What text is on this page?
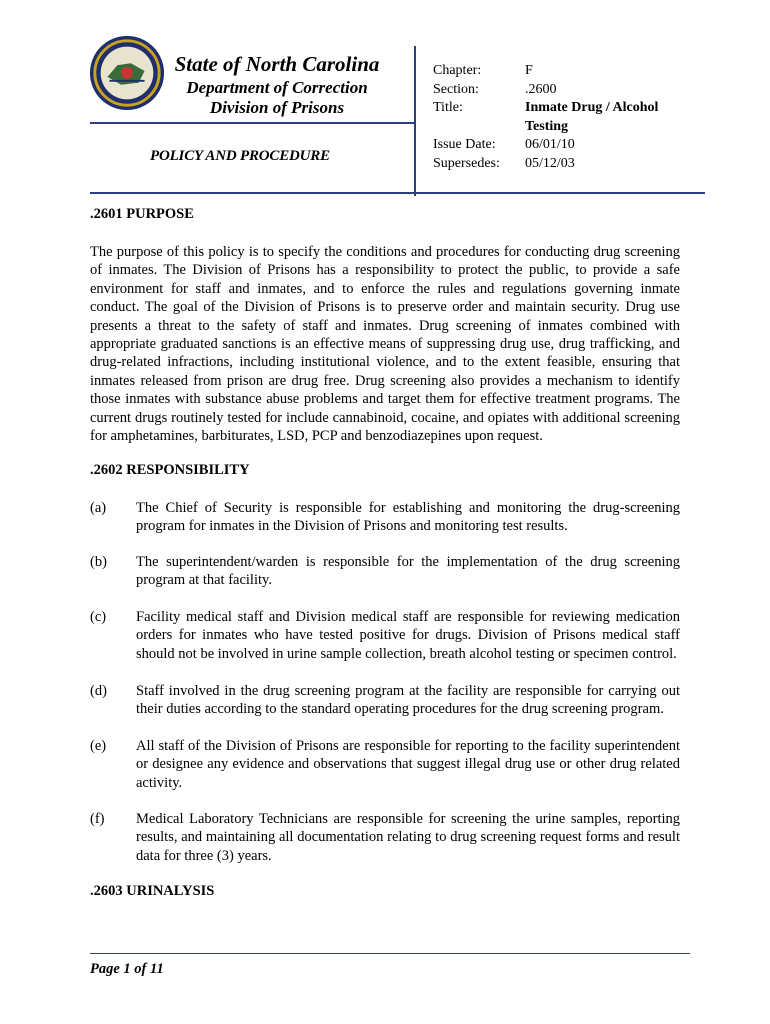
State of North Carolina
Department of Correction
Division of Prisons
POLICY AND PROCEDURE
Chapter:	F
Section:	.2600
Title:	Inmate Drug / Alcohol
Testing
Issue Date:	06/01/10
Supersedes:	05/12/03
.2601 PURPOSE
The purpose of this policy is to specify the conditions and procedures for conducting drug screening of inmates. The Division of Prisons has a responsibility to protect the public, to provide a safe environment for staff and inmates, and to enforce the rules and regulations governing inmate conduct. The goal of the Division of Prisons is to preserve order and maintain security. Drug use presents a threat to the safety of staff and inmates. Drug screening of inmates combined with appropriate graduated sanctions is an effective means of suppressing drug use, drug trafficking, and drug-related infractions, including institutional violence, and to the extent feasible, ensuring that inmates released from prison are drug free. Drug screening also provides a mechanism to identify those inmates with substance abuse problems and target them for effective treatment programs. The current drugs routinely tested for include cannabinoid, cocaine, and opiates with additional screening for amphetamines, barbiturates, LSD, PCP and benzodiazepines upon request.
.2602 RESPONSIBILITY
(a) The Chief of Security is responsible for establishing and monitoring the drug-screening program for inmates in the Division of Prisons and monitoring test results.
(b) The superintendent/warden is responsible for the implementation of the drug screening program at that facility.
(c) Facility medical staff and Division medical staff are responsible for reviewing medication orders for inmates who have tested positive for drugs. Division of Prisons medical staff should not be involved in urine sample collection, breath alcohol testing or specimen control.
(d) Staff involved in the drug screening program at the facility are responsible for carrying out their duties according to the standard operating procedures for the drug screening program.
(e) All staff of the Division of Prisons are responsible for reporting to the facility superintendent or designee any evidence and observations that suggest illegal drug use or other drug related activity.
(f) Medical Laboratory Technicians are responsible for screening the urine samples, reporting results, and maintaining all documentation relating to drug screening request forms and result data for three (3) years.
.2603 URINALYSIS
Page 1 of 11
